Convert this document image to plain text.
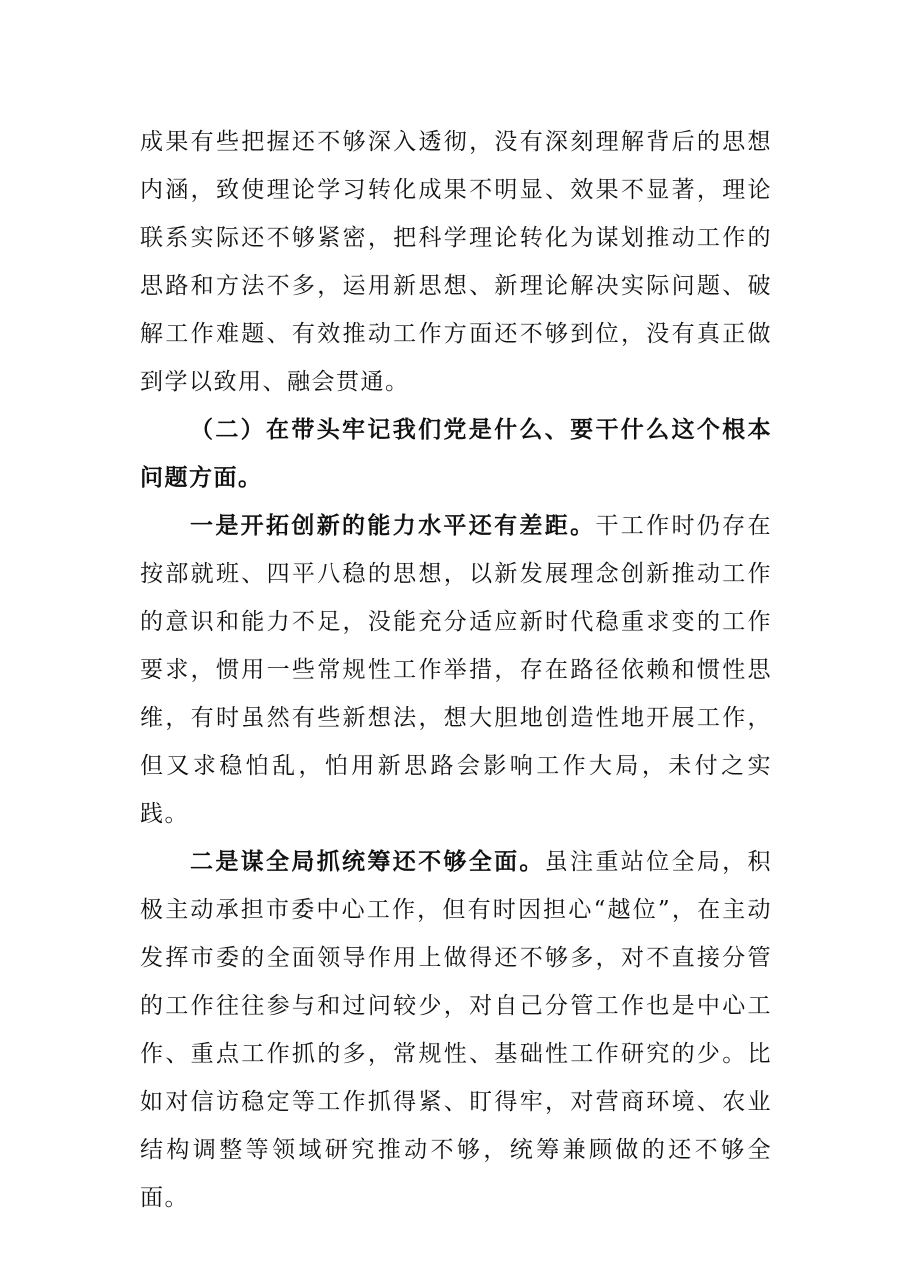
成果有些把握还不够深入透彻，没有深刻理解背后的思想内涵，致使理论学习转化成果不明显、效果不显著，理论联系实际还不够紧密，把科学理论转化为谋划推动工作的思路和方法不多，运用新思想、新理论解决实际问题、破解工作难题、有效推动工作方面还不够到位，没有真正做到学以致用、融会贯通。

（二）在带头牢记我们党是什么、要干什么这个根本问题方面。

一是开拓创新的能力水平还有差距。干工作时仍存在按部就班、四平八稳的思想，以新发展理念创新推动工作的意识和能力不足，没能充分适应新时代稳重求变的工作要求，惯用一些常规性工作举措，存在路径依赖和惯性思维，有时虽然有些新想法，想大胆地创造性地开展工作，但又求稳怕乱，怕用新思路会影响工作大局，未付之实践。

二是谋全局抓统筹还不够全面。虽注重站位全局，积极主动承担市委中心工作，但有时因担心“越位”，在主动发挥市委的全面领导作用上做得还不够多，对不直接分管的工作往往参与和过问较少，对自己分管工作也是中心工作、重点工作抓的多，常规性、基础性工作研究的少。比如对信访稳定等工作抓得紧、盯得牢，对营商环境、农业结构调整等领域研究推动不够，统筹兼顾做的还不够全面。
